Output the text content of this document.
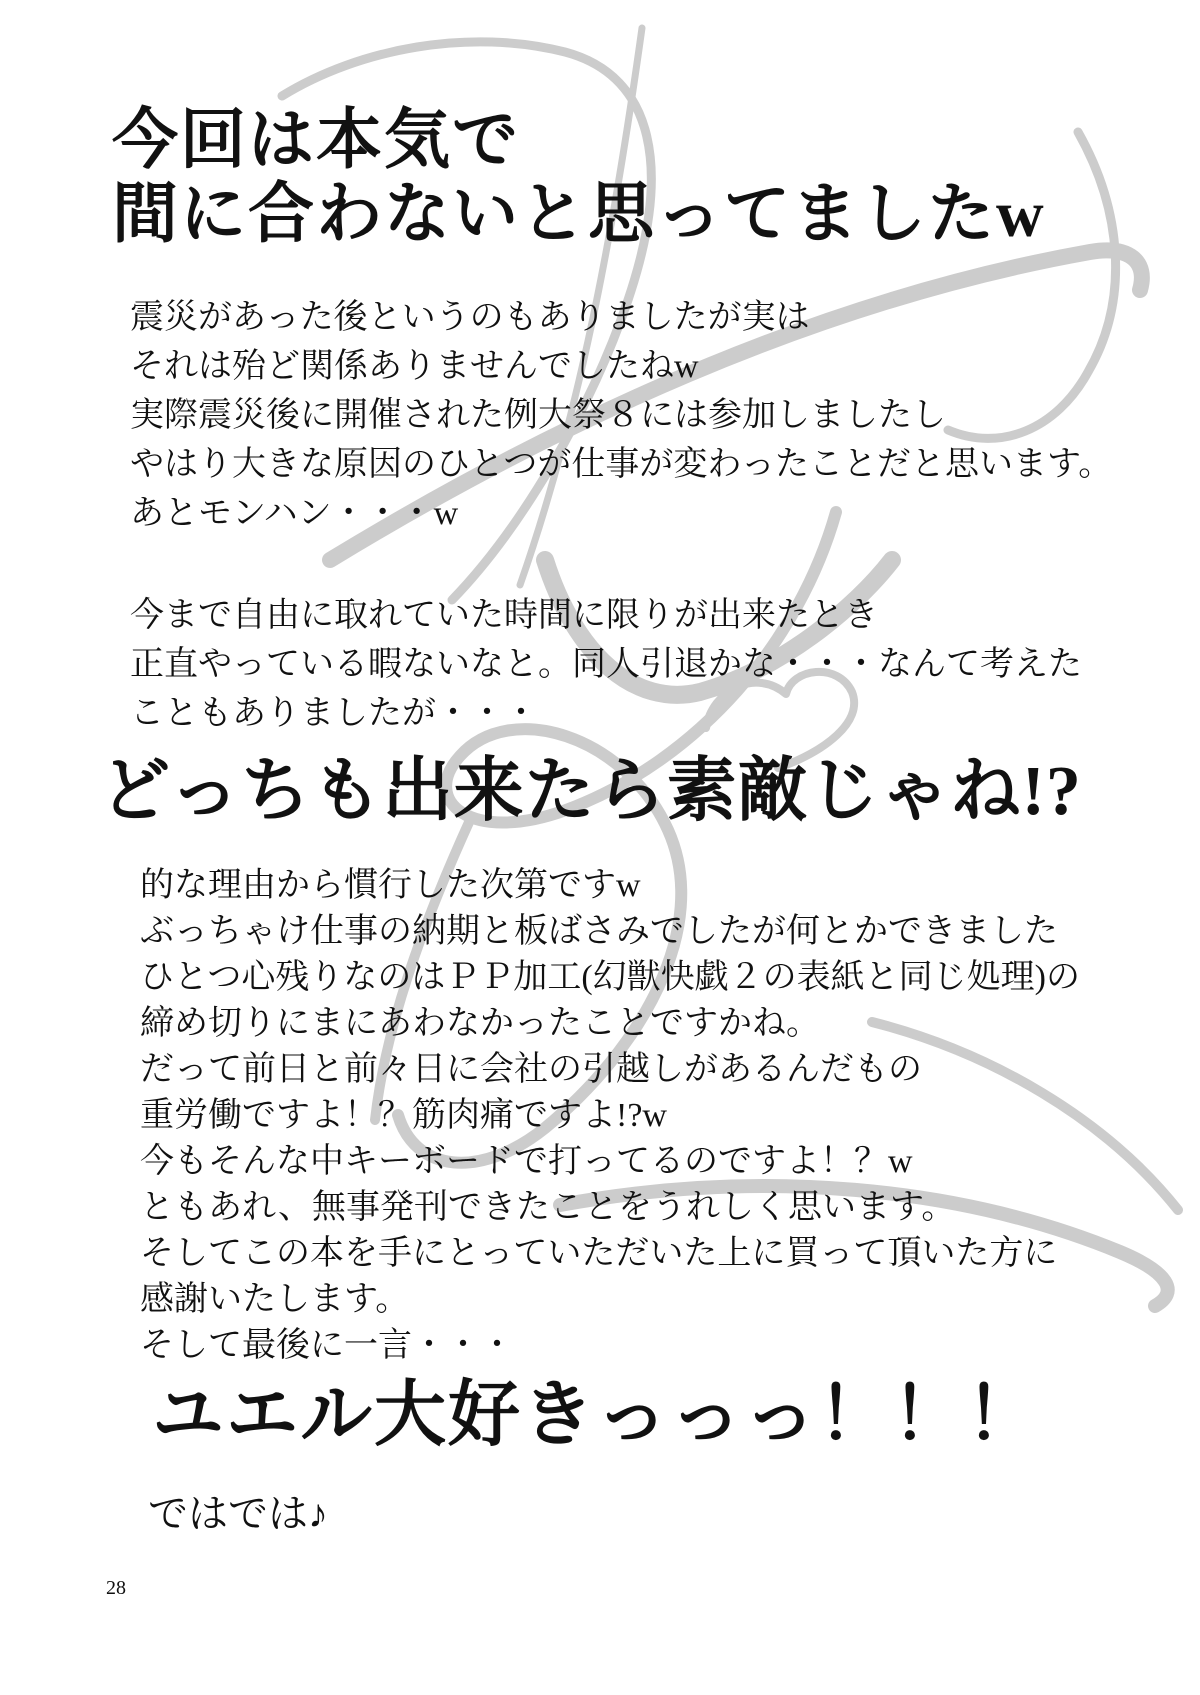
今回は本気で
間に合わないと思ってましたw
震災があった後というのもありましたが実は
それは殆ど関係ありませんでしたねw
実際震災後に開催された例大祭８には参加しましたし
やはり大きな原因のひとつが仕事が変わったことだと思います。
あとモンハン・・・w
今まで自由に取れていた時間に限りが出来たとき
正直やっている暇ないなと。同人引退かな・・・なんて考えた
こともありましたが・・・
どっちも出来たら素敵じゃね!?
的な理由から慣行した次第ですw
ぶっちゃけ仕事の納期と板ばさみでしたが何とかできました
ひとつ心残りなのはＰＰ加工(幻獣快戯２の表紙と同じ処理)の
締め切りにまにあわなかったことですかね。
だって前日と前々日に会社の引越しがあるんだもの
重労働ですよ！？筋肉痛ですよ!?w
今もそんな中キーボードで打ってるのですよ！？w
ともあれ、無事発刊できたことをうれしく思います。
そしてこの本を手にとっていただいた上に買って頂いた方に
感謝いたします。
そして最後に一言・・・
ユエル大好きっっっ！！！
ではでは♪
28
